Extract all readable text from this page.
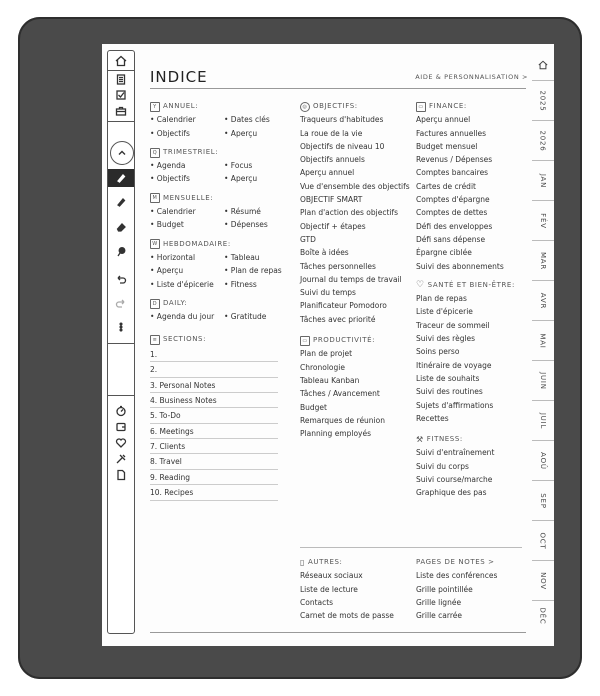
INDICE	AIDE & PERSONNALISATION >
Y ANNUEL:
• Calendrier	• Dates clés
• Objectifs	• Aperçu
Q TRIMESTRIEL:
• Agenda	• Focus
• Objectifs	• Aperçu
M MENSUELLE:
• Calendrier	• Résumé
• Budget	• Dépenses
W HEBDOMADAIRE:
• Horizontal	• Tableau
• Aperçu	• Plan de repas
• Liste d'épicerie	• Fitness
D DAILY:
• Agenda du jour	• Gratitude
≡ SECTIONS:
1.
2.
3. Personal Notes
4. Business Notes
5. To-Do
6. Meetings
7. Clients
8. Travel
9. Reading
10. Recipes
◎ OBJECTIFS:
Traqueurs d'habitudes
La roue de la vie
Objectifs de niveau 10
Objectifs annuels
Aperçu annuel
Vue d'ensemble des objectifs
OBJECTIF SMART
Plan d'action des objectifs
Objectif + étapes
GTD
Boîte à idées
Tâches personnelles
Journal du temps de travail
Suivi du temps
Planificateur Pomodoro
Tâches avec priorité
▭ PRODUCTIVITÉ:
Plan de projet
Chronologie
Tableau Kanban
Tâches / Avancement
Budget
Remarques de réunion
Planning employés
▭ FINANCE:
Aperçu annuel
Factures annuelles
Budget mensuel
Revenus / Dépenses
Comptes bancaires
Cartes de crédit
Comptes d'épargne
Comptes de dettes
Défi des enveloppes
Défi sans dépense
Épargne ciblée
Suivi des abonnements
♡ SANTÉ ET BIEN-ÊTRE:
Plan de repas
Liste d'épicerie
Traceur de sommeil
Suivi des règles
Soins perso
Itinéraire de voyage
Liste de souhaits
Suivi des routines
Sujets d'affirmations
Recettes
⚒ FITNESS:
Suivi d'entraînement
Suivi du corps
Suivi course/marche
Graphique des pas
▯ AUTRES:
Réseaux sociaux
Liste de lecture
Contacts
Carnet de mots de passe
PAGES DE NOTES >
Liste des conférences
Grille pointillée
Grille lignée
Grille carrée
2025
2026
JAN
FÉV
MAR
AVR
MAI
JUIN
JUIL
AOÛ
SEP
OCT
NOV
DÉC
